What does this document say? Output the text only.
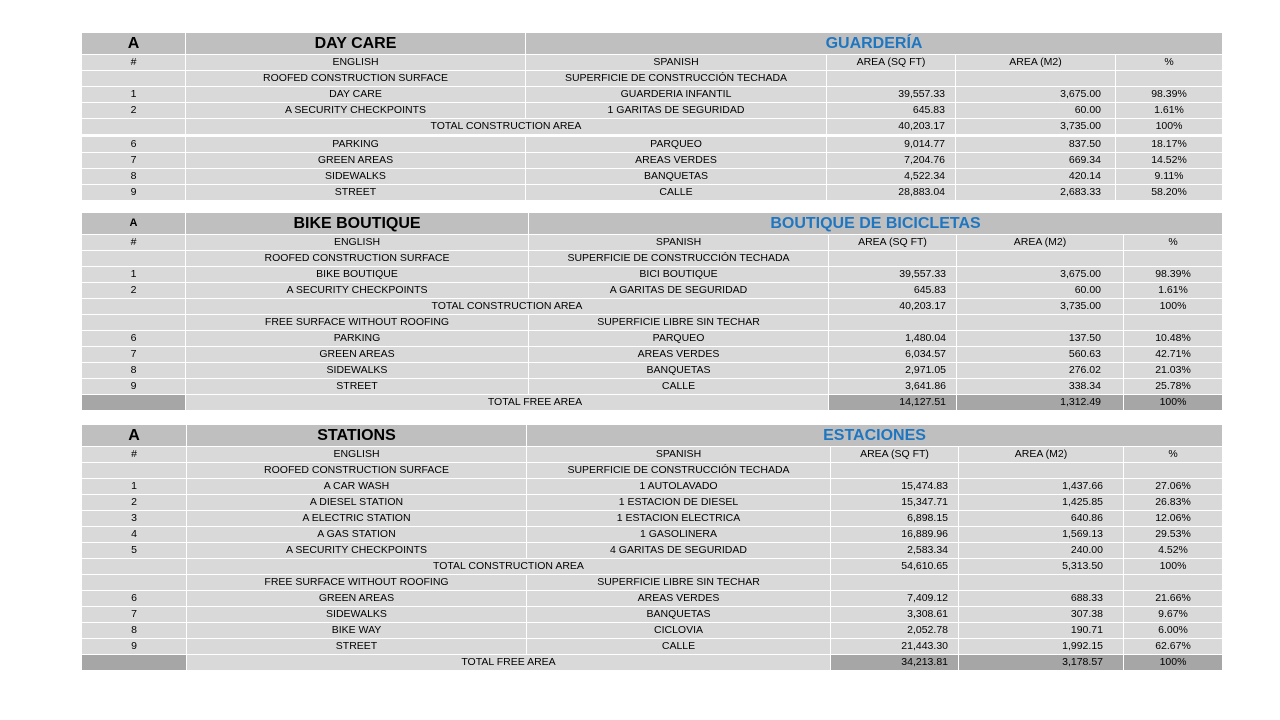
A	DAY CARE	GUARDERÍA			
#	ENGLISH	SPANISH	AREA (SQ FT)	AREA (M2)	%
	ROOFED CONSTRUCTION SURFACE	SUPERFICIE DE CONSTRUCCIÓN TECHADA			
1	DAY CARE	GUARDERIA INFANTIL	39,557.33	3,675.00	98.39%
2	A SECURITY CHECKPOINTS	1 GARITAS DE SEGURIDAD	645.83	60.00	1.61%
	TOTAL CONSTRUCTION AREA		40,203.17	3,735.00	100%
6	PARKING	PARQUEO	9,014.77	837.50	18.17%
7	GREEN AREAS	AREAS VERDES	7,204.76	669.34	14.52%
8	SIDEWALKS	BANQUETAS	4,522.34	420.14	9.11%
9	STREET	CALLE	28,883.04	2,683.33	58.20%
A	BIKE BOUTIQUE	BOUTIQUE DE BICICLETAS			
#	ENGLISH	SPANISH	AREA (SQ FT)	AREA (M2)	%
	ROOFED CONSTRUCTION SURFACE	SUPERFICIE DE CONSTRUCCIÓN TECHADA			
1	BIKE BOUTIQUE	BICI BOUTIQUE	39,557.33	3,675.00	98.39%
2	A SECURITY CHECKPOINTS	A GARITAS DE SEGURIDAD	645.83	60.00	1.61%
	TOTAL CONSTRUCTION AREA		40,203.17	3,735.00	100%
	FREE SURFACE WITHOUT ROOFING	SUPERFICIE LIBRE SIN TECHAR			
6	PARKING	PARQUEO	1,480.04	137.50	10.48%
7	GREEN AREAS	AREAS VERDES	6,034.57	560.63	42.71%
8	SIDEWALKS	BANQUETAS	2,971.05	276.02	21.03%
9	STREET	CALLE	3,641.86	338.34	25.78%
	TOTAL FREE AREA		14,127.51	1,312.49	100%
A	STATIONS	ESTACIONES			
#	ENGLISH	SPANISH	AREA (SQ FT)	AREA (M2)	%
	ROOFED CONSTRUCTION SURFACE	SUPERFICIE DE CONSTRUCCIÓN TECHADA			
1	A CAR WASH	1 AUTOLAVADO	15,474.83	1,437.66	27.06%
2	A DIESEL STATION	1 ESTACION DE DIESEL	15,347.71	1,425.85	26.83%
3	A ELECTRIC STATION	1 ESTACION ELECTRICA	6,898.15	640.86	12.06%
4	A GAS STATION	1 GASOLINERA	16,889.96	1,569.13	29.53%
5	A SECURITY CHECKPOINTS	4 GARITAS DE SEGURIDAD	2,583.34	240.00	4.52%
	TOTAL CONSTRUCTION AREA		54,610.65	5,313.50	100%
	FREE SURFACE WITHOUT ROOFING	SUPERFICIE LIBRE SIN TECHAR			
6	GREEN AREAS	AREAS VERDES	7,409.12	688.33	21.66%
7	SIDEWALKS	BANQUETAS	3,308.61	307.38	9.67%
8	BIKE WAY	CICLOVIA	2,052.78	190.71	6.00%
9	STREET	CALLE	21,443.30	1,992.15	62.67%
	TOTAL FREE AREA		34,213.81	3,178.57	100%
